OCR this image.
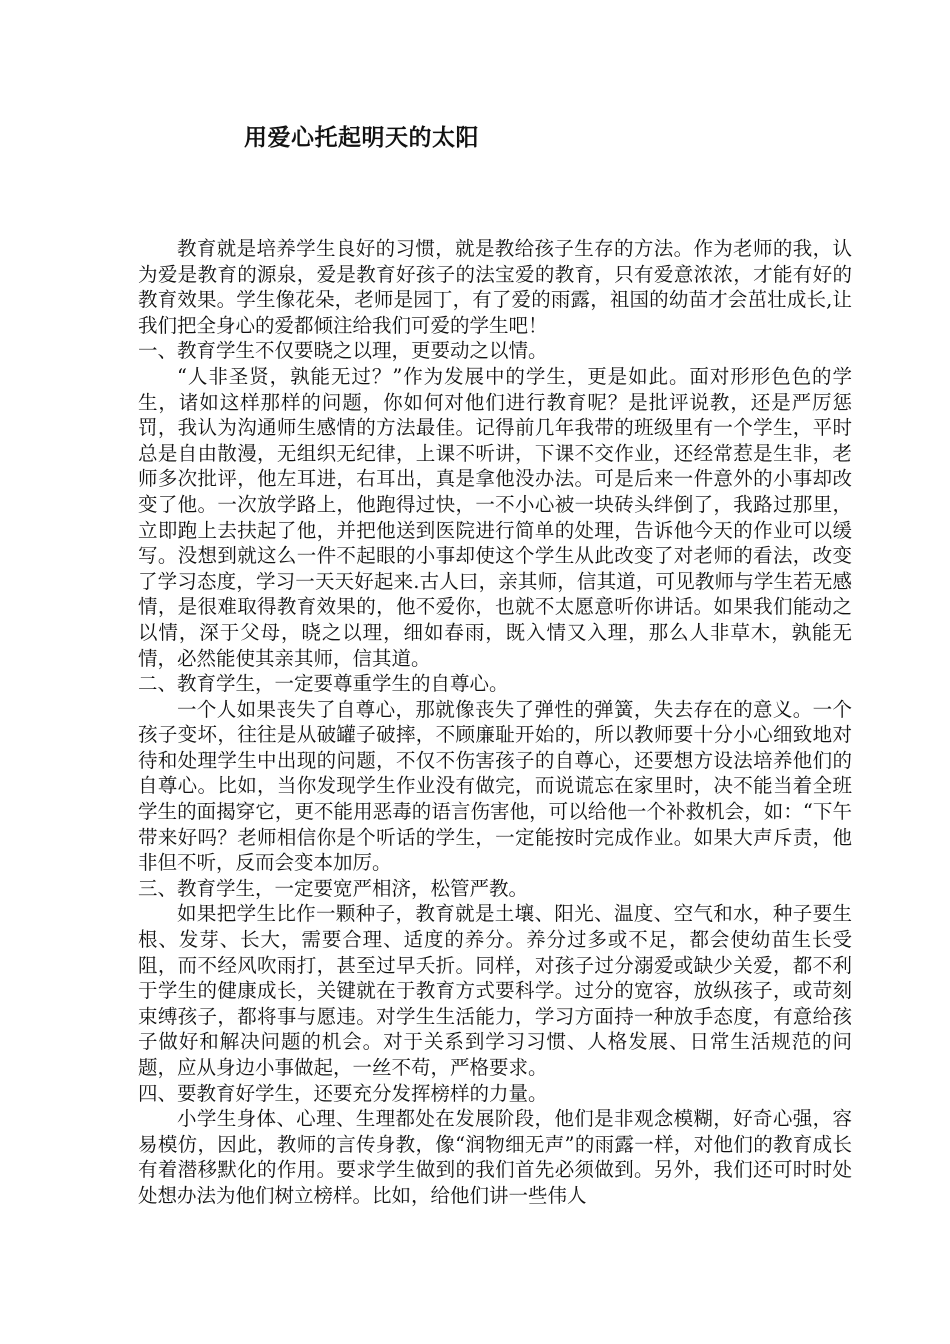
用爱心托起明天的太阳

教育就是培养学生良好的习惯，就是教给孩子生存的方法。作为老师的我，认为爱是教育的源泉，爱是教育好孩子的法宝爱的教育，只有爱意浓浓，才能有好的教育效果。学生像花朵，老师是园丁，有了爱的雨露，祖国的幼苗才会茁壮成长,让我们把全身心的爱都倾注给我们可爱的学生吧！

一、教育学生不仅要晓之以理，更要动之以情。

“人非圣贤，孰能无过？”作为发展中的学生，更是如此。面对形形色色的学生，诸如这样那样的问题，你如何对他们进行教育呢？是批评说教，还是严厉惩罚，我认为沟通师生感情的方法最佳。记得前几年我带的班级里有一个学生，平时总是自由散漫，无组织无纪律，上课不听讲，下课不交作业，还经常惹是生非，老师多次批评，他左耳进，右耳出，真是拿他没办法。可是后来一件意外的小事却改变了他。一次放学路上，他跑得过快，一不小心被一块砖头绊倒了，我路过那里，立即跑上去扶起了他，并把他送到医院进行简单的处理，告诉他今天的作业可以缓写。没想到就这么一件不起眼的小事却使这个学生从此改变了对老师的看法，改变了学习态度，学习一天天好起来.古人曰，亲其师，信其道，可见教师与学生若无感情，是很难取得教育效果的，他不爱你，也就不太愿意听你讲话。如果我们能动之以情，深于父母，晓之以理，细如春雨，既入情又入理，那么人非草木，孰能无情，必然能使其亲其师，信其道。

二、教育学生，一定要尊重学生的自尊心。

一个人如果丧失了自尊心，那就像丧失了弹性的弹簧，失去存在的意义。一个孩子变坏，往往是从破罐子破摔，不顾廉耻开始的，所以教师要十分小心细致地对待和处理学生中出现的问题，不仅不伤害孩子的自尊心，还要想方设法培养他们的自尊心。比如，当你发现学生作业没有做完，而说谎忘在家里时，决不能当着全班学生的面揭穿它，更不能用恶毒的语言伤害他，可以给他一个补救机会，如：“下午带来好吗？老师相信你是个听话的学生，一定能按时完成作业。如果大声斥责，他非但不听，反而会变本加厉。

三、教育学生，一定要宽严相济，松管严教。

如果把学生比作一颗种子，教育就是土壤、阳光、温度、空气和水，种子要生根、发芽、长大，需要合理、适度的养分。养分过多或不足，都会使幼苗生长受阻，而不经风吹雨打，甚至过早夭折。同样，对孩子过分溺爱或缺少关爱，都不利于学生的健康成长，关键就在于教育方式要科学。过分的宽容，放纵孩子，或苛刻束缚孩子，都将事与愿违。对学生生活能力，学习方面持一种放手态度，有意给孩子做好和解决问题的机会。对于关系到学习习惯、人格发展、日常生活规范的问题，应从身边小事做起，一丝不苟，严格要求。

四、要教育好学生，还要充分发挥榜样的力量。

小学生身体、心理、生理都处在发展阶段，他们是非观念模糊，好奇心强，容易模仿，因此，教师的言传身教，像“润物细无声”的雨露一样，对他们的教育成长有着潜移默化的作用。要求学生做到的我们首先必须做到。另外，我们还可时时处处想办法为他们树立榜样。比如，给他们讲一些伟人
